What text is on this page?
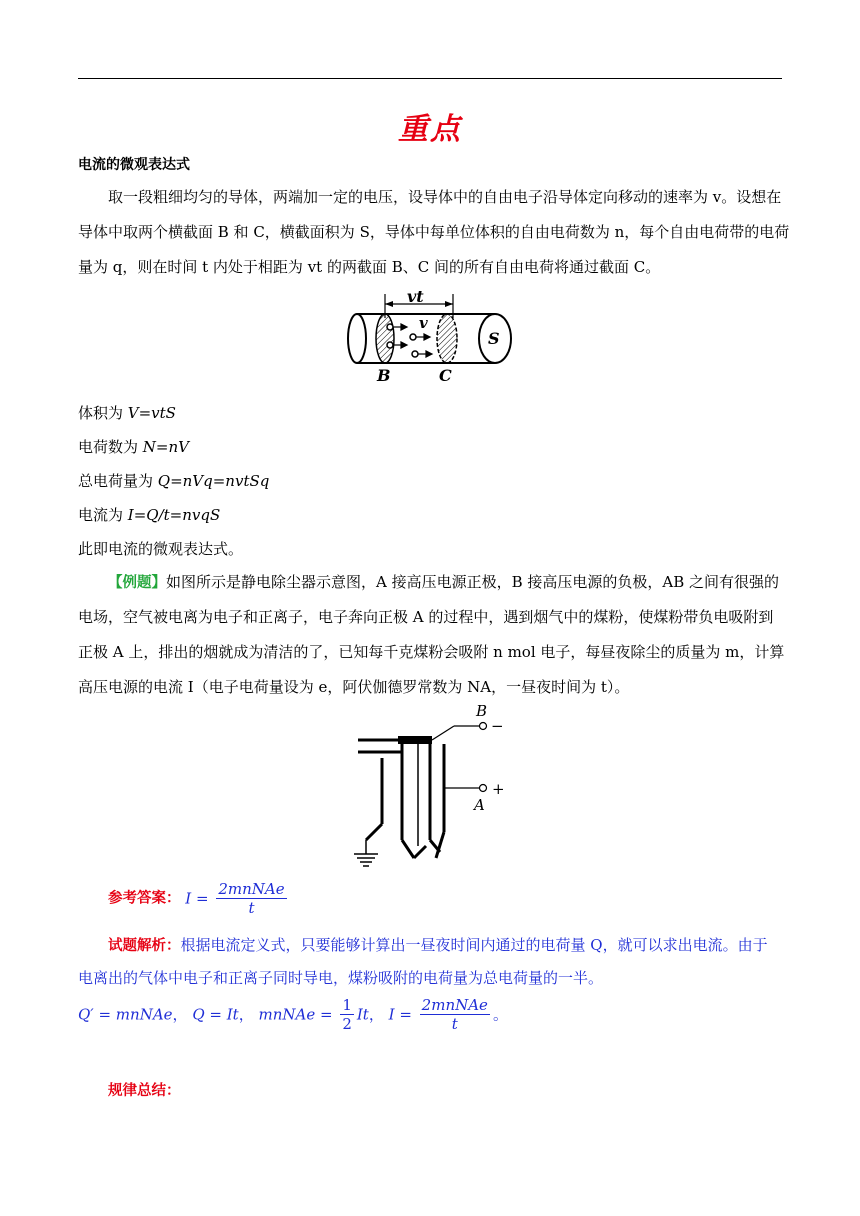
重点
电流的微观表达式
取一段粗细均匀的导体，两端加一定的电压，设导体中的自由电子沿导体定向移动的速率为 v。设想在
导体中取两个横截面 B 和 C，横截面积为 S，导体中每单位体积的自由电荷数为 n，每个自由电荷带的电荷
量为 q，则在时间 t 内处于相距为 vt 的两截面 B、C 间的所有自由电荷将通过截面 C。
vt
S
v
B	C
体积为 V=vtS
电荷数为 N=nV
总电荷量为 Q=nVq=nvtSq
电流为 I=Q/t=nvqS
此即电流的微观表达式。
【例题】如图所示是静电除尘器示意图，A 接高压电源正极，B 接高压电源的负极，AB 之间有很强的
电场，空气被电离为电子和正离子，电子奔向正极 A 的过程中，遇到烟气中的煤粉，使煤粉带负电吸附到
正极 A 上，排出的烟就成为清洁的了，已知每千克煤粉会吸附 n mol 电子，每昼夜除尘的质量为 m，计算
高压电源的电流 I（电子电荷量设为 e，阿伏伽德罗常数为 NA，一昼夜时间为 t）。
B
−
A
+
参考答案： $I = \frac{\text{2mnNAe}}{t}$
试题解析：根据电流定义式，只要能够计算出一昼夜时间内通过的电荷量 Q，就可以求出电流。由于
电离出的气体中电子和正离子同时导电，煤粉吸附的电荷量为总电荷量的一半。
Q′ = mnNAe， Q = It， mnNAe = $\frac{1}{2}$ It， $I = \frac{\text{2mnNAe}}{t}$ 。
规律总结：
